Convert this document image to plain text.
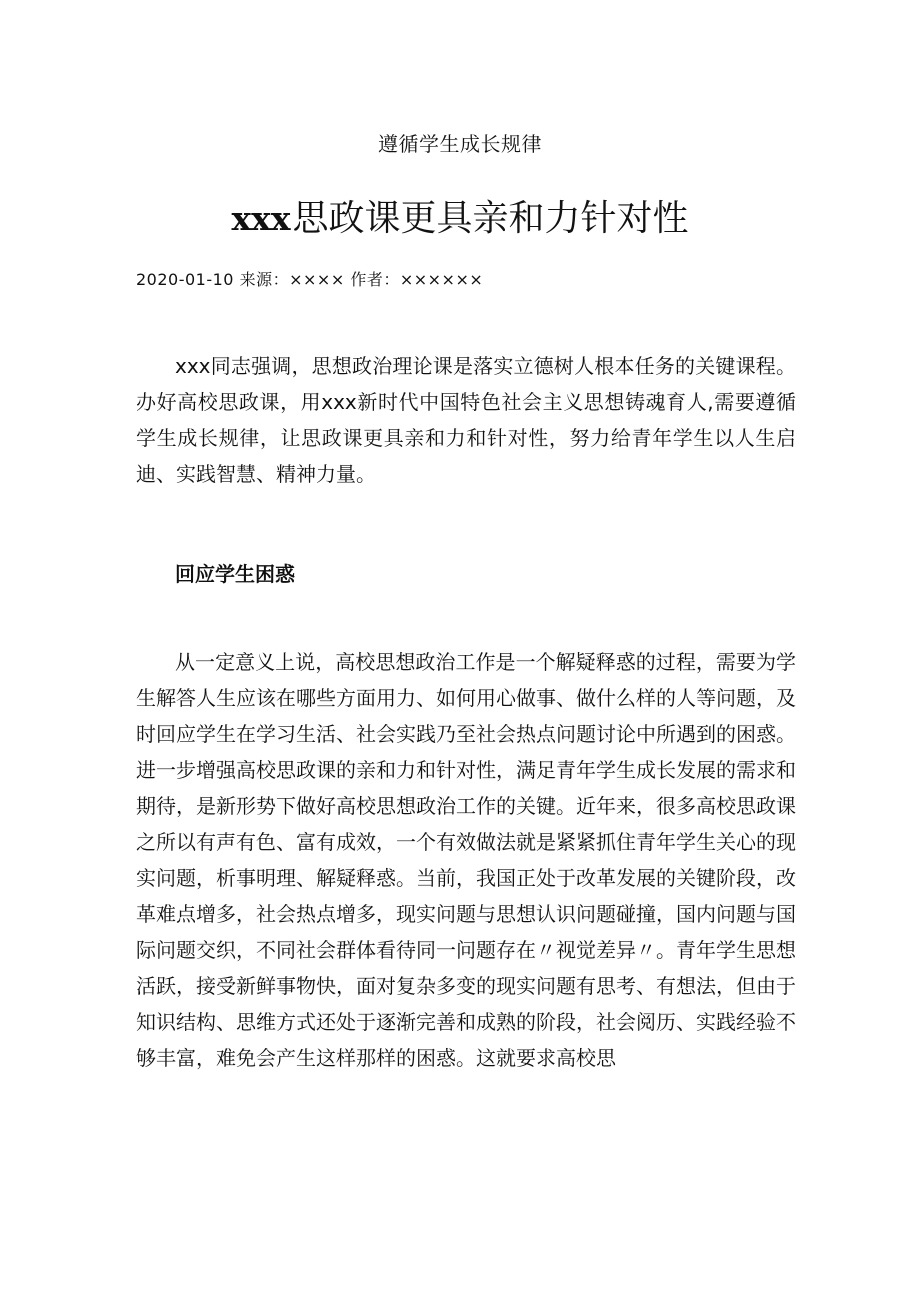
遵循学生成长规律
xxx思政课更具亲和力针对性
2020-01-10 来源：×××× 作者：××××××

xxx同志强调，思想政治理论课是落实立德树人根本任务的关键课程。办好高校思政课，用xxx新时代中国特色社会主义思想铸魂育人,需要遵循学生成长规律，让思政课更具亲和力和针对性，努力给青年学生以人生启迪、实践智慧、精神力量。

回应学生困惑

从一定意义上说，高校思想政治工作是一个解疑释惑的过程，需要为学生解答人生应该在哪些方面用力、如何用心做事、做什么样的人等问题，及时回应学生在学习生活、社会实践乃至社会热点问题讨论中所遇到的困惑。进一步增强高校思政课的亲和力和针对性，满足青年学生成长发展的需求和期待，是新形势下做好高校思想政治工作的关键。近年来，很多高校思政课之所以有声有色、富有成效，一个有效做法就是紧紧抓住青年学生关心的现实问题，析事明理、解疑释惑。当前，我国正处于改革发展的关键阶段，改革难点增多，社会热点增多，现实问题与思想认识问题碰撞，国内问题与国际问题交织，不同社会群体看待同一问题存在〃视觉差异〃。青年学生思想活跃，接受新鲜事物快，面对复杂多变的现实问题有思考、有想法，但由于知识结构、思维方式还处于逐渐完善和成熟的阶段，社会阅历、实践经验不够丰富，难免会产生这样那样的困惑。这就要求高校思
